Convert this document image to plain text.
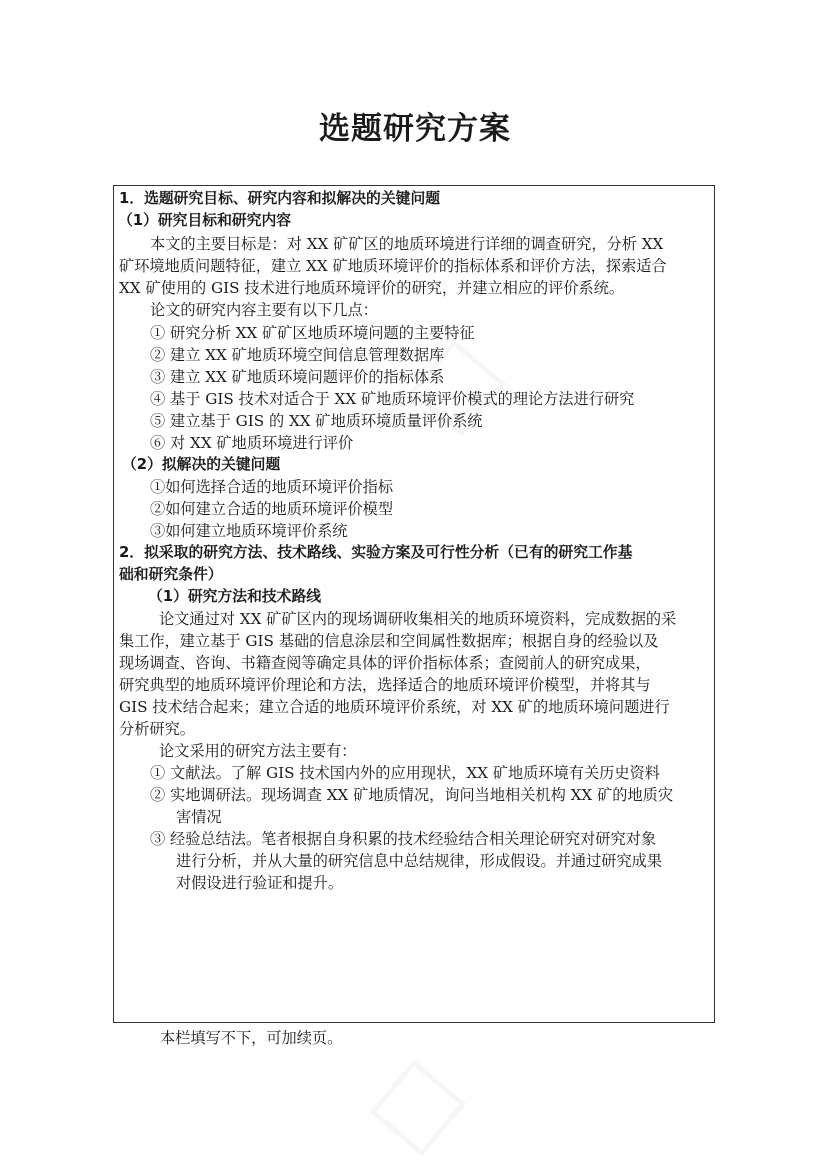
□
□
选题研究方案
1．选题研究目标、研究内容和拟解决的关键问题
（1）研究目标和研究内容
本文的主要目标是：对 XX 矿矿区的地质环境进行详细的调查研究，分析 XX
矿环境地质问题特征，建立 XX 矿地质环境评价的指标体系和评价方法，探索适合
XX 矿使用的 GIS 技术进行地质环境评价的研究，并建立相应的评价系统。
论文的研究内容主要有以下几点：
① 研究分析 XX 矿矿区地质环境问题的主要特征
② 建立 XX 矿地质环境空间信息管理数据库
③ 建立 XX 矿地质环境问题评价的指标体系
④ 基于 GIS 技术对适合于 XX 矿地质环境评价模式的理论方法进行研究
⑤ 建立基于 GIS 的 XX 矿地质环境质量评价系统
⑥ 对 XX 矿地质环境进行评价
（2）拟解决的关键问题
①如何选择合适的地质环境评价指标
②如何建立合适的地质环境评价模型
③如何建立地质环境评价系统
2．拟采取的研究方法、技术路线、实验方案及可行性分析（已有的研究工作基
础和研究条件）
（1）研究方法和技术路线
论文通过对 XX 矿矿区内的现场调研收集相关的地质环境资料，完成数据的采
集工作，建立基于 GIS 基础的信息涂层和空间属性数据库；根据自身的经验以及
现场调查、咨询、书籍查阅等确定具体的评价指标体系；查阅前人的研究成果，
研究典型的地质环境评价理论和方法，选择适合的地质环境评价模型，并将其与
GIS 技术结合起来；建立合适的地质环境评价系统，对 XX 矿的地质环境问题进行
分析研究。
论文采用的研究方法主要有：
① 文献法。了解 GIS 技术国内外的应用现状，XX 矿地质环境有关历史资料
② 实地调研法。现场调查 XX 矿地质情况，询问当地相关机构 XX 矿的地质灾
害情况
③ 经验总结法。笔者根据自身积累的技术经验结合相关理论研究对研究对象
进行分析，并从大量的研究信息中总结规律，形成假设。并通过研究成果
对假设进行验证和提升。
本栏填写不下，可加续页。
